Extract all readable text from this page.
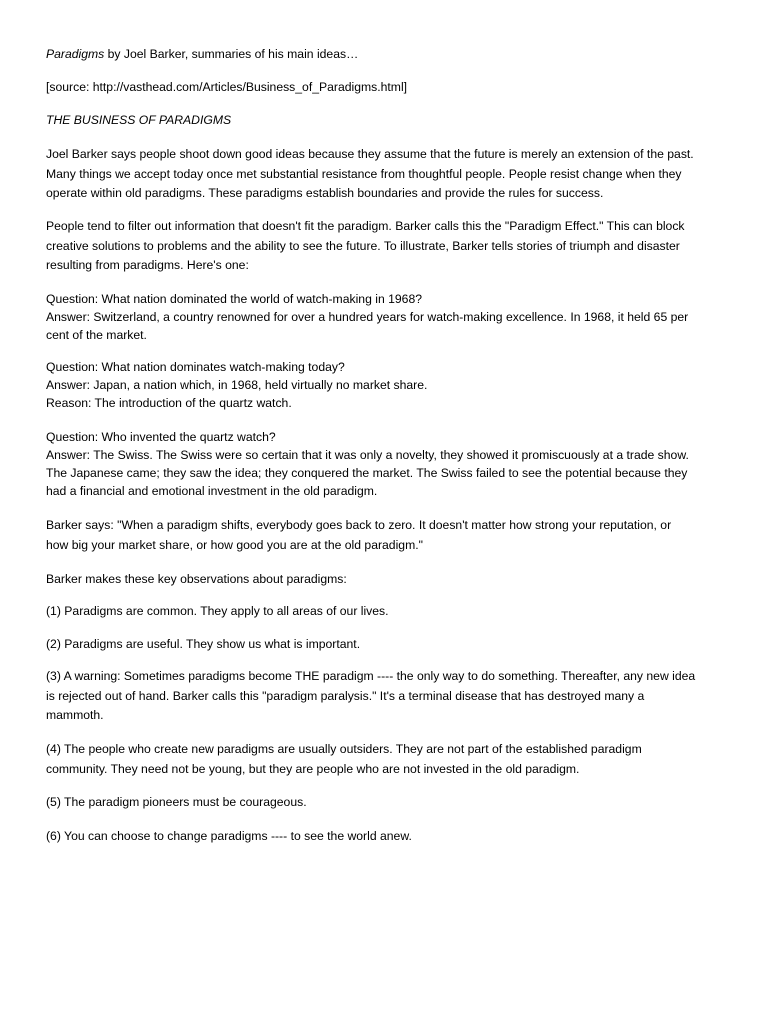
Paradigms by Joel Barker, summaries of his main ideas…
[source: http://vasthead.com/Articles/Business_of_Paradigms.html]
THE BUSINESS OF PARADIGMS
Joel Barker says people shoot down good ideas because they assume that the future is merely an extension of the past.
Many things we accept today once met substantial resistance from thoughtful people. People resist change when they
operate within old paradigms. These paradigms establish boundaries and provide the rules for success.
People tend to filter out information that doesn't fit the paradigm. Barker calls this the "Paradigm Effect." This can block
creative solutions to problems and the ability to see the future. To illustrate, Barker tells stories of triumph and disaster
resulting from paradigms. Here's one:
Question: What nation dominated the world of watch-making in 1968?
Answer: Switzerland, a country renowned for over a hundred years for watch-making excellence. In 1968, it held 65 per
cent of the market.
Question: What nation dominates watch-making today?
Answer: Japan, a nation which, in 1968, held virtually no market share.
Reason: The introduction of the quartz watch.
Question: Who invented the quartz watch?
Answer: The Swiss. The Swiss were so certain that it was only a novelty, they showed it promiscuously at a trade show.
The Japanese came; they saw the idea; they conquered the market. The Swiss failed to see the potential because they
had a financial and emotional investment in the old paradigm.
Barker says: "When a paradigm shifts, everybody goes back to zero. It doesn't matter how strong your reputation, or
how big your market share, or how good you are at the old paradigm."
Barker makes these key observations about paradigms:
(1) Paradigms are common. They apply to all areas of our lives.
(2) Paradigms are useful. They show us what is important.
(3) A warning: Sometimes paradigms become THE paradigm ---- the only way to do something. Thereafter, any new idea
is rejected out of hand. Barker calls this "paradigm paralysis." It's a terminal disease that has destroyed many a
mammoth.
(4) The people who create new paradigms are usually outsiders. They are not part of the established paradigm
community. They need not be young, but they are people who are not invested in the old paradigm.
(5) The paradigm pioneers must be courageous.
(6) You can choose to change paradigms ---- to see the world anew.
